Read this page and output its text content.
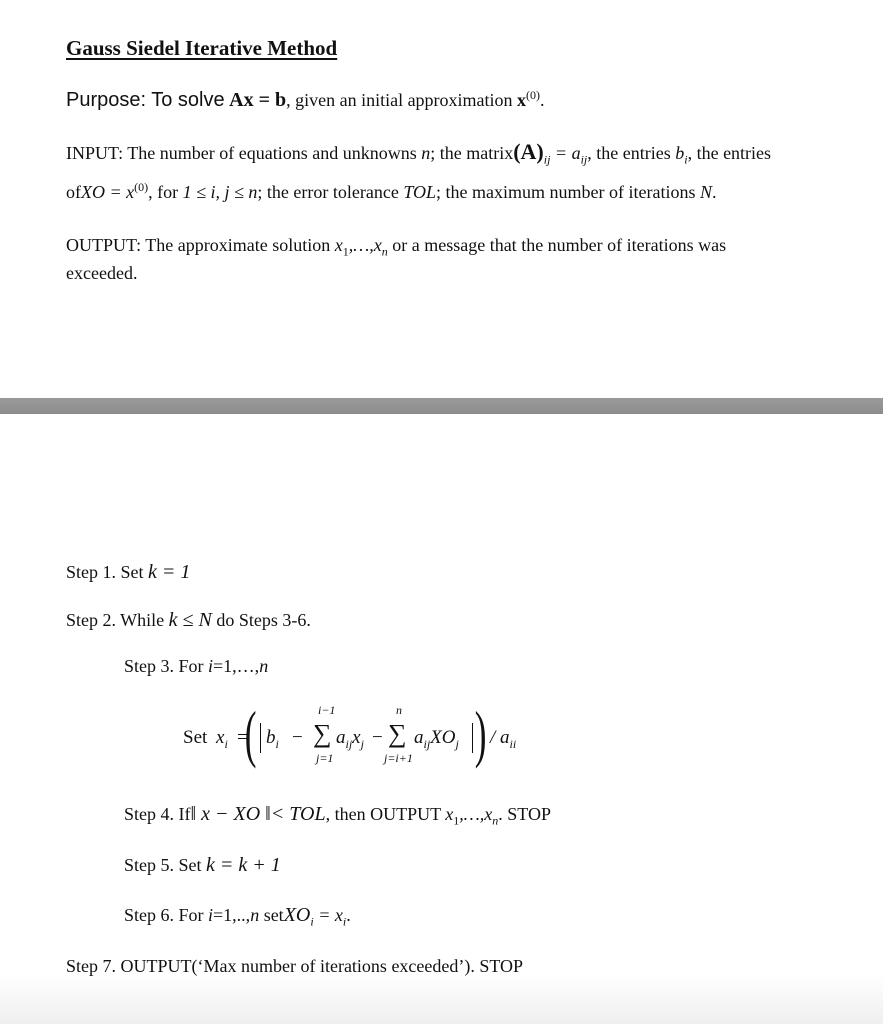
Gauss Siedel Iterative Method
Purpose: To solve Ax = b, given an initial approximation $x^{(0)}$.
INPUT: The number of equations and unknowns n; the $matrix(A)_{ij} = a_{ij}$, the entries $b_i$, the entries
ofXO = $x^{(0)}$, for 1 ≤ i, j ≤ n; the error tolerance TOL; the maximum number of iterations N.
OUTPUT: The approximate solution $x_1,\dots,x_n$ or a message that the number of iterations was
exceeded.
Step 1. Set k = 1
Step 2. While k ≤ N do Steps 3-6.
Step 3. For i=1,…,n
Set $x_i$ =
( $b_i$ −
i−1
∑
j=1
$a_{ij}x_j$ −
n
∑
j=i+1
$a_{ij}XO_j$ ) / $a_{ii}$
Step 4. If‖ x − XO ‖< TOL, then OUTPUT $x_1,\dots,x_n$. STOP
Step 5. Set k = k + 1
Step 6. For i=1,..,n setXO$_i$ = $x_i$.
Step 7. OUTPUT(‘Max number of iterations exceeded’). STOP
